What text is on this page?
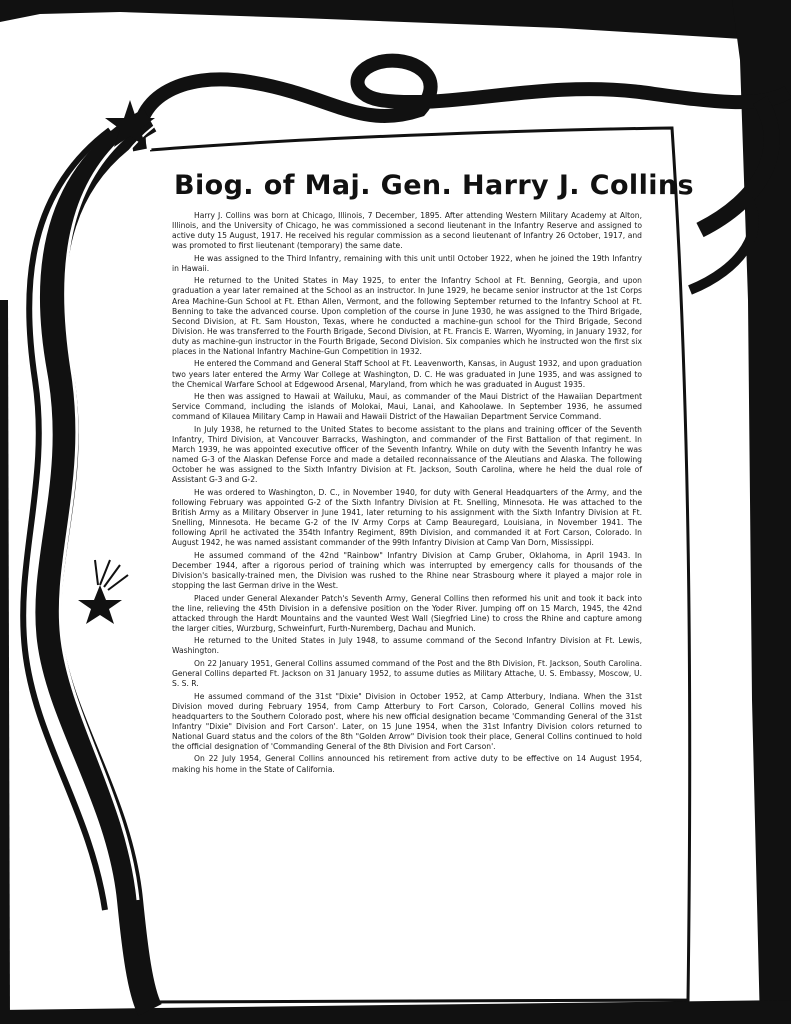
Biog. of Maj. Gen. Harry J. Collins

Harry J. Collins was born at Chicago, Illinois, 7 December, 1895. After attending Western Military Academy at Alton, Illinois, and the University of Chicago, he was commissioned a second lieutenant in the Infantry Reserve and assigned to active duty 15 August, 1917. He received his regular commission as a second lieutenant of Infantry 26 October, 1917, and was promoted to first lieutenant (temporary) the same date.

He was assigned to the Third Infantry, remaining with this unit until October 1922, when he joined the 19th Infantry in Hawaii.

He returned to the United States in May 1925, to enter the Infantry School at Ft. Benning, Georgia, and upon graduation a year later remained at the School as an instructor. In June 1929, he became senior instructor at the 1st Corps Area Machine-Gun School at Ft. Ethan Allen, Vermont, and the following September returned to the Infantry School at Ft. Benning to take the advanced course. Upon completion of the course in June 1930, he was assigned to the Third Brigade, Second Division, at Ft. Sam Houston, Texas, where he conducted a machine-gun school for the Third Brigade, Second Division. He was transferred to the Fourth Brigade, Second Division, at Ft. Francis E. Warren, Wyoming, in January 1932, for duty as machine-gun instructor in the Fourth Brigade, Second Division. Six companies which he instructed won the first six places in the National Infantry Machine-Gun Competition in 1932.

He entered the Command and General Staff School at Ft. Leavenworth, Kansas, in August 1932, and upon graduation two years later entered the Army War College at Washington, D. C. He was graduated in June 1935, and was assigned to the Chemical Warfare School at Edgewood Arsenal, Maryland, from which he was graduated in August 1935.

He then was assigned to Hawaii at Wailuku, Maui, as commander of the Maui District of the Hawaiian Department Service Command, including the islands of Molokai, Maui, Lanai, and Kahoolawe. In September 1936, he assumed command of Kilauea Military Camp in Hawaii and Hawaii District of the Hawaiian Department Service Command.

In July 1938, he returned to the United States to become assistant to the plans and training officer of the Seventh Infantry, Third Division, at Vancouver Barracks, Washington, and commander of the First Battalion of that regiment. In March 1939, he was appointed executive officer of the Seventh Infantry. While on duty with the Seventh Infantry he was named G-3 of the Alaskan Defense Force and made a detailed reconnaissance of the Aleutians and Alaska. The following October he was assigned to the Sixth Infantry Division at Ft. Jackson, South Carolina, where he held the dual role of Assistant G-3 and G-2.

He was ordered to Washington, D. C., in November 1940, for duty with General Headquarters of the Army, and the following February was appointed G-2 of the Sixth Infantry Division at Ft. Snelling, Minnesota. He was attached to the British Army as a Military Observer in June 1941, later returning to his assignment with the Sixth Infantry Division at Ft. Snelling, Minnesota. He became G-2 of the IV Army Corps at Camp Beauregard, Louisiana, in November 1941. The following April he activated the 354th Infantry Regiment, 89th Division, and commanded it at Fort Carson, Colorado. In August 1942, he was named assistant commander of the 99th Infantry Division at Camp Van Dorn, Mississippi.

He assumed command of the 42nd "Rainbow" Infantry Division at Camp Gruber, Oklahoma, in April 1943. In December 1944, after a rigorous period of training which was interrupted by emergency calls for thousands of the Division's basically-trained men, the Division was rushed to the Rhine near Strasbourg where it played a major role in stopping the last German drive in the West.

Placed under General Alexander Patch's Seventh Army, General Collins then reformed his unit and took it back into the line, relieving the 45th Division in a defensive position on the Yoder River. Jumping off on 15 March, 1945, the 42nd attacked through the Hardt Mountains and the vaunted West Wall (Siegfried Line) to cross the Rhine and capture among the larger cities, Wurzburg, Schweinfurt, Furth-Nuremberg, Dachau and Munich.

He returned to the United States in July 1948, to assume command of the Second Infantry Division at Ft. Lewis, Washington.

On 22 January 1951, General Collins assumed command of the Post and the 8th Division, Ft. Jackson, South Carolina. General Collins departed Ft. Jackson on 31 January 1952, to assume duties as Military Attache, U. S. Embassy, Moscow, U. S. S. R.

He assumed command of the 31st "Dixie" Division in October 1952, at Camp Atterbury, Indiana. When the 31st Division moved during February 1954, from Camp Atterbury to Fort Carson, Colorado, General Collins moved his headquarters to the Southern Colorado post, where his new official designation became 'Commanding General of the 31st Infantry "Dixie" Division and Fort Carson'. Later, on 15 June 1954, when the 31st Infantry Division colors returned to National Guard status and the colors of the 8th "Golden Arrow" Division took their place, General Collins continued to hold the official designation of 'Commanding General of the 8th Division and Fort Carson'.

On 22 July 1954, General Collins announced his retirement from active duty to be effective on 14 August 1954, making his home in the State of California.
